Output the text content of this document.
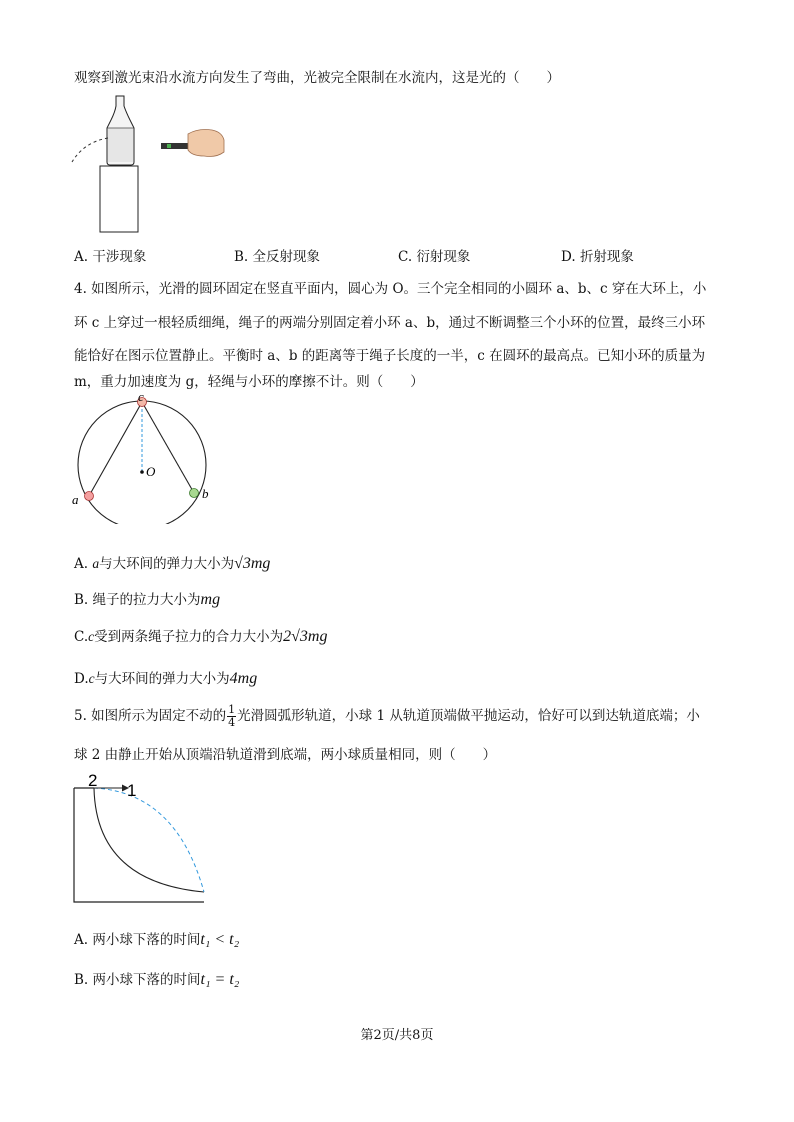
观察到激光束沿水流方向发生了弯曲，光被完全限制在水流内，这是光的（　　）
A. 干涉现象	B. 全反射现象	C. 衍射现象	D. 折射现象
4. 如图所示，光滑的圆环固定在竖直平面内，圆心为 O。三个完全相同的小圆环 a、b、c 穿在大环上，小
环 c 上穿过一根轻质细绳，绳子的两端分别固定着小环 a、b，通过不断调整三个小环的位置，最终三小环
能恰好在图示位置静止。平衡时 a、b 的距离等于绳子长度的一半，c 在圆环的最高点。已知小环的质量为
m，重力加速度为 g，轻绳与小环的摩擦不计。则（　　）
c
O
a	b
A. a与大环间的弹力大小为√3mg
B. 绳子的拉力大小为mg
C.c受到两条绳子拉力的合力大小为2√3mg
D.c与大环间的弹力大小为4mg
5. 如图所示为固定不动的 $\frac{1}{4}$ 光滑圆弧形轨道，小球 1 从轨道顶端做平抛运动，恰好可以到达轨道底端；小
球 2 由静止开始从顶端沿轨道滑到底端，两小球质量相同，则（　　）
2
1
A. 两小球下落的时间t₁ < t₂
B. 两小球下落的时间t₁ = t₂
第2页/共8页
